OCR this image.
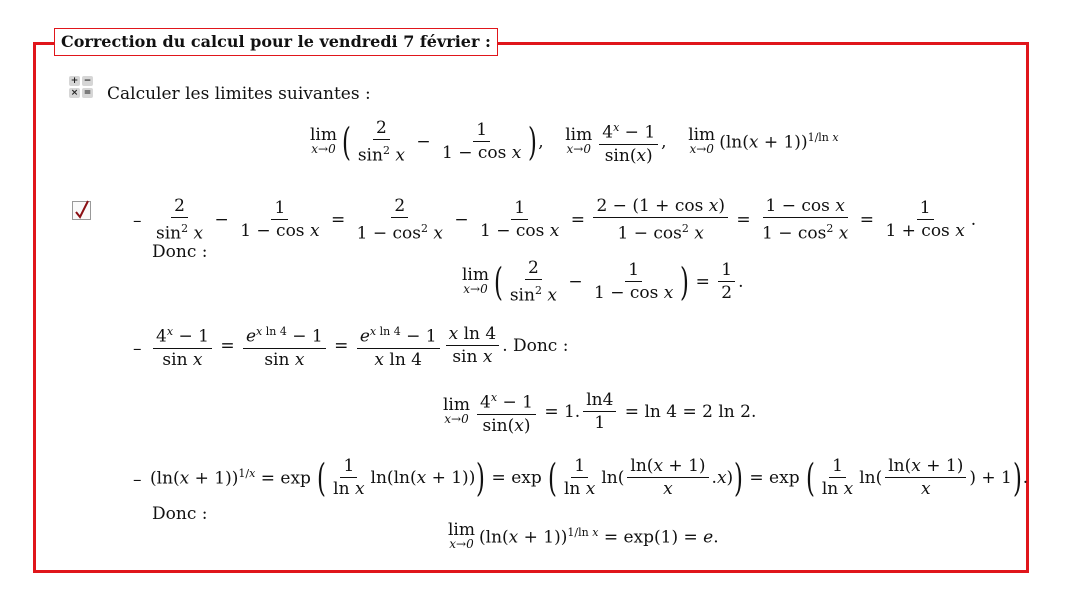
Correction du calcul pour le vendredi 7 février :
+ −
× = Calculer les limites suivantes :
lim
x→0 ( $\frac{2}{\sin^2 x} - \frac{1}{\text{1 − cos x}}$ ) , lim
$x\to 0 \frac{4^x - 1}{\sin(x)}$ , lim
x→0 $(\ln(x + 1))^{1/ln x}$
– $\frac{2}{\sin^2 x} - \frac{1}{\text{1 − cos x}} = \frac{2}{1 - \cos^2 x} - \frac{1}{\text{1 − cos x}} = \frac{\text{2 − (1 + cos x)}}{1 - \cos^2 x} = \frac{\text{1 − cos x}}{1 - \cos^2 x} = \frac{1}{\text{1 + cos x}}$ .
Donc :
lim
x→0 ( $\frac{2}{\sin^2 x} - \frac{1}{\text{1 − cos x}}$ ) = $\frac{1}{2}$ .
– $\frac{4^x - 1}{\text{sin x}} = \frac{e^{x ln 4} - 1}{\text{sin x}} = \frac{e^{x ln 4} - 1}{\text{x ln 4}} \frac{\text{x ln 4}}{\text{sin x}}$ . Donc :
lim
$x\to 0 \frac{4^x - 1}{\sin(x)} = 1$. $\frac{\ln 4}{1} = \ln 4 = 2$ ln 2.
– $(\ln(x + 1))^{1/x} = \exp$ ( $\frac{1}{\text{ln x}} \ln(\ln(x + 1))$ ) = exp ( $\frac{1}{\text{ln x}} \ln( \frac{\ln(x + 1)}{x} .x)$ ) = exp ( $\frac{1}{\text{ln x}} \ln( \frac{\ln(x + 1)}{x}$ ) + 1 ) .
Donc :
lim
x→0 $(\ln(x + 1))^{1/ln x} = \exp(1) = e$.
